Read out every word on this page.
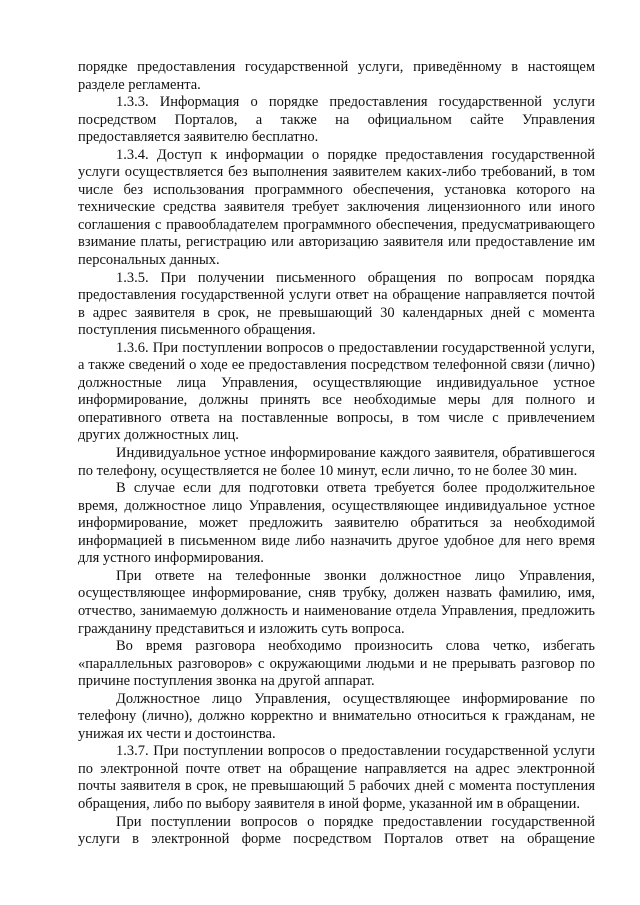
порядке предоставления государственной услуги, приведённому в настоящем разделе регламента.

1.3.3. Информация о порядке предоставления государственной услуги посредством Порталов, а также на официальном сайте Управления предоставляется заявителю бесплатно.

1.3.4. Доступ к информации о порядке предоставления государственной услуги осуществляется без выполнения заявителем каких-либо требований, в том числе без использования программного обеспечения, установка которого на технические средства заявителя требует заключения лицензионного или иного соглашения с правообладателем программного обеспечения, предусматривающего взимание платы, регистрацию или авторизацию заявителя или предоставление им персональных данных.

1.3.5. При получении письменного обращения по вопросам порядка предоставления государственной услуги ответ на обращение направляется почтой в адрес заявителя в срок, не превышающий 30 календарных дней с момента поступления письменного обращения.

1.3.6. При поступлении вопросов о предоставлении государственной услуги, а также сведений о ходе ее предоставления посредством телефонной связи (лично) должностные лица Управления, осуществляющие индивидуальное устное информирование, должны принять все необходимые меры для полного и оперативного ответа на поставленные вопросы, в том числе с привлечением других должностных лиц.

Индивидуальное устное информирование каждого заявителя, обратившегося по телефону, осуществляется не более 10 минут, если лично, то не более 30 мин.

В случае если для подготовки ответа требуется более продолжительное время, должностное лицо Управления, осуществляющее индивидуальное устное информирование, может предложить заявителю обратиться за необходимой информацией в письменном виде либо назначить другое удобное для него время для устного информирования.

При ответе на телефонные звонки должностное лицо Управления, осуществляющее информирование, сняв трубку, должен назвать фамилию, имя, отчество, занимаемую должность и наименование отдела Управления, предложить гражданину представиться и изложить суть вопроса.

Во время разговора необходимо произносить слова четко, избегать «параллельных разговоров» с окружающими людьми и не прерывать разговор по причине поступления звонка на другой аппарат.

Должностное лицо Управления, осуществляющее информирование по телефону (лично), должно корректно и внимательно относиться к гражданам, не унижая их чести и достоинства.

1.3.7. При поступлении вопросов о предоставлении государственной услуги по электронной почте ответ на обращение направляется на адрес электронной почты заявителя в срок, не превышающий 5 рабочих дней с момента поступления обращения, либо по выбору заявителя в иной форме, указанной им в обращении.

При поступлении вопросов о порядке предоставлении государственной услуги в электронной форме посредством Порталов ответ на обращение
